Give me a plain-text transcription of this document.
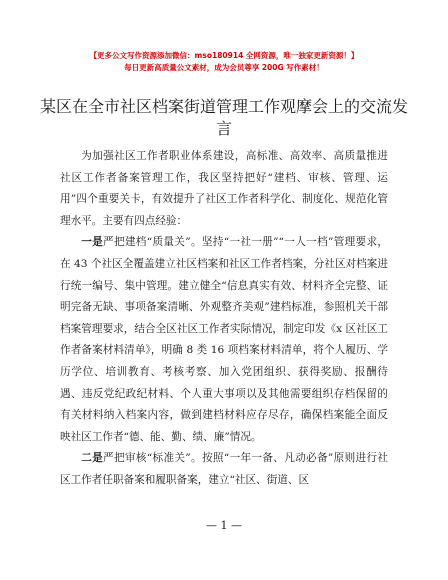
【更多公文写作资源添加微信：mso180914 全网资源，唯一独家更新资源！】
每日更新高质量公文素材，成为会员尊享 200G 写作素材！
某区在全市社区档案街道管理工作观摩会上的交流发言

为加强社区工作者职业体系建设，高标准、高效率、高质量推进社区工作者备案管理工作，我区坚持把好“建档、审核、管理、运用”四个重要关卡，有效提升了社区工作者科学化、制度化、规范化管理水平。主要有四点经验：

一是严把建档“质量关”。坚持“一社一册”“一人一档”管理要求，在 43 个社区全覆盖建立社区档案和社区工作者档案，分社区对档案进行统一编号、集中管理。建立健全“信息真实有效、材料齐全完整、证明完备无缺、事项备案清晰、外观整齐美观”建档标准，参照机关干部档案管理要求，结合全区社区工作者实际情况，制定印发《x 区社区工作者备案材料清单》，明确 8 类 16 项档案材料清单，将个人履历、学历学位、培训教育、考核考察、加入党团组织、获得奖励、报酬待遇、违反党纪政纪材料、个人重大事项以及其他需要组织存档保留的有关材料纳入档案内容，做到建档材料应存尽存，确保档案能全面反映社区工作者“德、能、勤、绩、廉”情况。

二是严把审核“标准关”。按照“一年一备、凡动必备”原则进行社区工作者任职备案和履职备案，建立“社区、街道、区

— 1 —
